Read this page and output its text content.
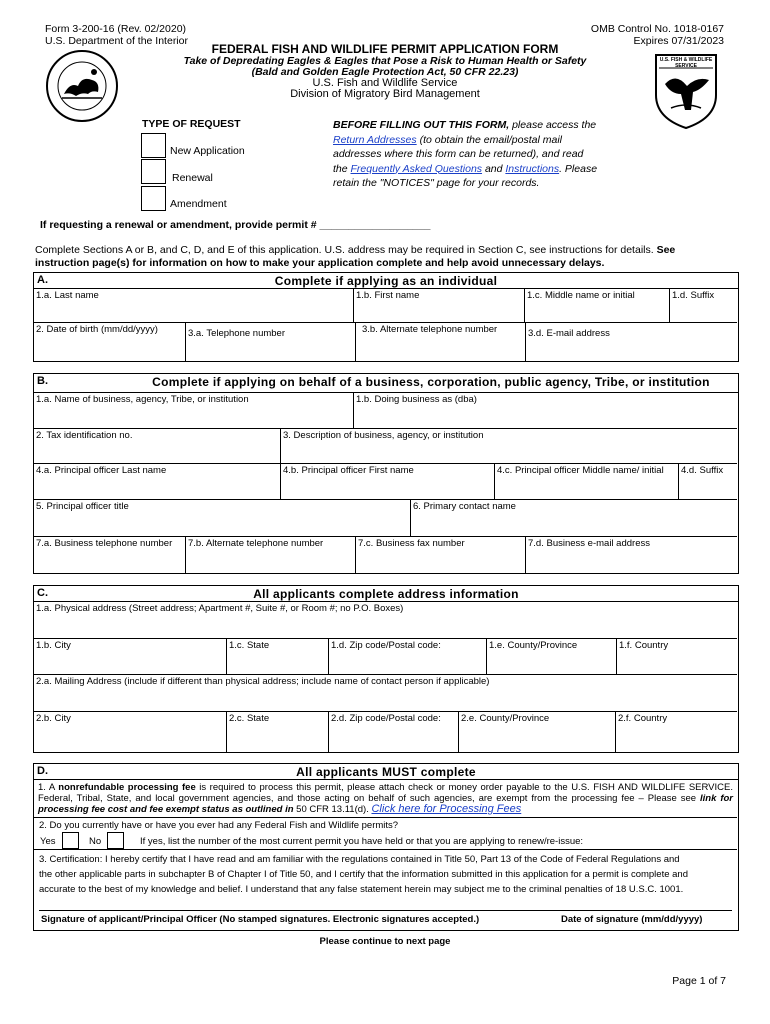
Form 3-200-16 (Rev. 02/2020)
U.S. Department of the Interior
OMB Control No. 1018-0167
Expires 07/31/2023
U.S. FISH & WILDLIFE SERVICE
FEDERAL FISH AND WILDLIFE PERMIT APPLICATION FORM
Take of Depredating Eagles & Eagles that Pose a Risk to Human Health or Safety
(Bald and Golden Eagle Protection Act, 50 CFR 22.23)
U.S. Fish and Wildlife Service
Division of Migratory Bird Management
TYPE OF REQUEST
New Application
Renewal
Amendment
BEFORE FILLING OUT THIS FORM, please access the
Return Addresses (to obtain the email/postal mail
addresses where this form can be returned), and read
the Frequently Asked Questions and Instructions. Please
retain the "NOTICES" page for your records.
If requesting a renewal or amendment, provide permit # ___________________
Complete Sections A or B, and C, D, and E of this application. U.S. address may be required in Section C, see instructions for details. See
instruction page(s) for information on how to make your application complete and help avoid unnecessary delays.
A.	Complete if applying as an individual
1.a. Last name	1.b. First name	1.c. Middle name or initial	1.d. Suffix
2. Date of birth (mm/dd/yyyy)	3.a. Telephone number	3.b. Alternate telephone number	3.d. E-mail address
B.	Complete if applying on behalf of a business, corporation, public agency, Tribe, or institution
1.a. Name of business, agency, Tribe, or institution	1.b. Doing business as (dba)
2. Tax identification no.	3. Description of business, agency, or institution
4.a. Principal officer Last name	4.b. Principal officer First name	4.c. Principal officer Middle name/ initial	4.d. Suffix
5. Principal officer title	6. Primary contact name
7.a. Business telephone number	7.b. Alternate telephone number	7.c. Business fax number	7.d. Business e-mail address
C.	All applicants complete address information
1.a. Physical address (Street address; Apartment #, Suite #, or Room #; no P.O. Boxes)
1.b. City	1.c. State	1.d. Zip code/Postal code:	1.e. County/Province	1.f. Country
2.a. Mailing Address (include if different than physical address; include name of contact person if applicable)
2.b. City	2.c. State	2.d. Zip code/Postal code:	2.e. County/Province	2.f. Country
D.	All applicants MUST complete
1. A nonrefundable processing fee is required to process this permit, please attach check or money order payable to the U.S. FISH AND WILDLIFE SERVICE. Federal, Tribal, State, and local government agencies, and those acting on behalf of such agencies, are exempt from the processing fee – Please see link for processing fee cost and fee exempt status as outlined in 50 CFR 13.11(d). Click here for Processing Fees
2. Do you currently have or have you ever had any Federal Fish and Wildlife permits?
Yes	No	If yes, list the number of the most current permit you have held or that you are applying to renew/re-issue:
3. Certification: I hereby certify that I have read and am familiar with the regulations contained in Title 50, Part 13 of the Code of Federal Regulations and
the other applicable parts in subchapter B of Chapter I of Title 50, and I certify that the information submitted in this application for a permit is complete and
accurate to the best of my knowledge and belief. I understand that any false statement herein may subject me to the criminal penalties of 18 U.S.C. 1001.
Signature of applicant/Principal Officer (No stamped signatures. Electronic signatures accepted.)	Date of signature (mm/dd/yyyy)
Please continue to next page
Page 1 of 7
